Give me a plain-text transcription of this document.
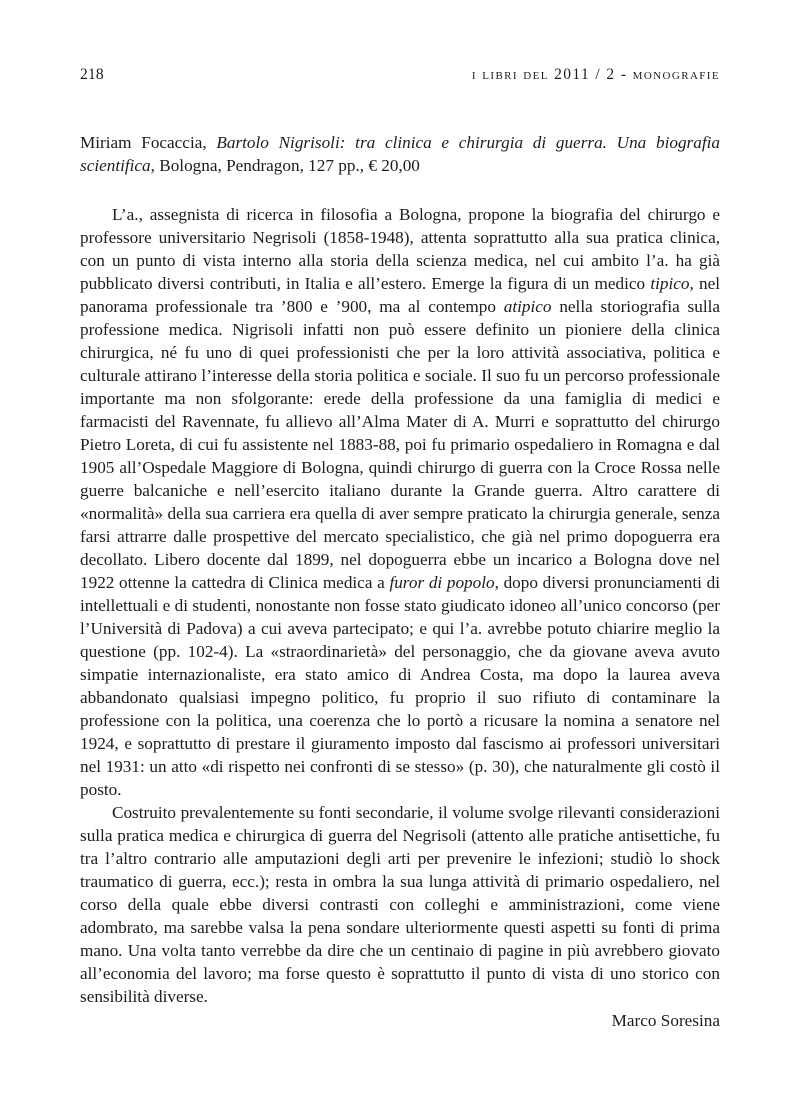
218	i libri del 2011 / 2 - monografie

Miriam Focaccia, Bartolo Nigrisoli: tra clinica e chirurgia di guerra. Una biografia scientifica, Bologna, Pendragon, 127 pp., € 20,00

L’a., assegnista di ricerca in filosofia a Bologna, propone la biografia del chirurgo e professore universitario Negrisoli (1858-1948), attenta soprattutto alla sua pratica clinica, con un punto di vista interno alla storia della scienza medica, nel cui ambito l’a. ha già pubblicato diversi contributi, in Italia e all’estero. Emerge la figura di un medico tipico, nel panorama professionale tra ’800 e ’900, ma al contempo atipico nella storiografia sulla professione medica. Nigrisoli infatti non può essere definito un pioniere della clinica chirurgica, né fu uno di quei professionisti che per la loro attività associativa, politica e culturale attirano l’interesse della storia politica e sociale. Il suo fu un percorso professionale importante ma non sfolgorante: erede della professione da una famiglia di medici e farmacisti del Ravennate, fu allievo all’Alma Mater di A. Murri e soprattutto del chirurgo Pietro Loreta, di cui fu assistente nel 1883-88, poi fu primario ospedaliero in Romagna e dal 1905 all’Ospedale Maggiore di Bologna, quindi chirurgo di guerra con la Croce Rossa nelle guerre balcaniche e nell’esercito italiano durante la Grande guerra. Altro carattere di «normalità» della sua carriera era quella di aver sempre praticato la chirurgia generale, senza farsi attrarre dalle prospettive del mercato specialistico, che già nel primo dopoguerra era decollato. Libero docente dal 1899, nel dopoguerra ebbe un incarico a Bologna dove nel 1922 ottenne la cattedra di Clinica medica a furor di popolo, dopo diversi pronunciamenti di intellettuali e di studenti, nonostante non fosse stato giudicato idoneo all’unico concorso (per l’Università di Padova) a cui aveva partecipato; e qui l’a. avrebbe potuto chiarire meglio la questione (pp. 102-4). La «straordinarietà» del personaggio, che da giovane aveva avuto simpatie internazionaliste, era stato amico di Andrea Costa, ma dopo la laurea aveva abbandonato qualsiasi impegno politico, fu proprio il suo rifiuto di contaminare la professione con la politica, una coerenza che lo portò a ricusare la nomina a senatore nel 1924, e soprattutto di prestare il giuramento imposto dal fascismo ai professori universitari nel 1931: un atto «di rispetto nei confronti di se stesso» (p. 30), che naturalmente gli costò il posto.

Costruito prevalentemente su fonti secondarie, il volume svolge rilevanti considerazioni sulla pratica medica e chirurgica di guerra del Negrisoli (attento alle pratiche antisettiche, fu tra l’altro contrario alle amputazioni degli arti per prevenire le infezioni; studiò lo shock traumatico di guerra, ecc.); resta in ombra la sua lunga attività di primario ospedaliero, nel corso della quale ebbe diversi contrasti con colleghi e amministrazioni, come viene adombrato, ma sarebbe valsa la pena sondare ulteriormente questi aspetti su fonti di prima mano. Una volta tanto verrebbe da dire che un centinaio di pagine in più avrebbero giovato all’economia del lavoro; ma forse questo è soprattutto il punto di vista di uno storico con sensibilità diverse.

Marco Soresina
